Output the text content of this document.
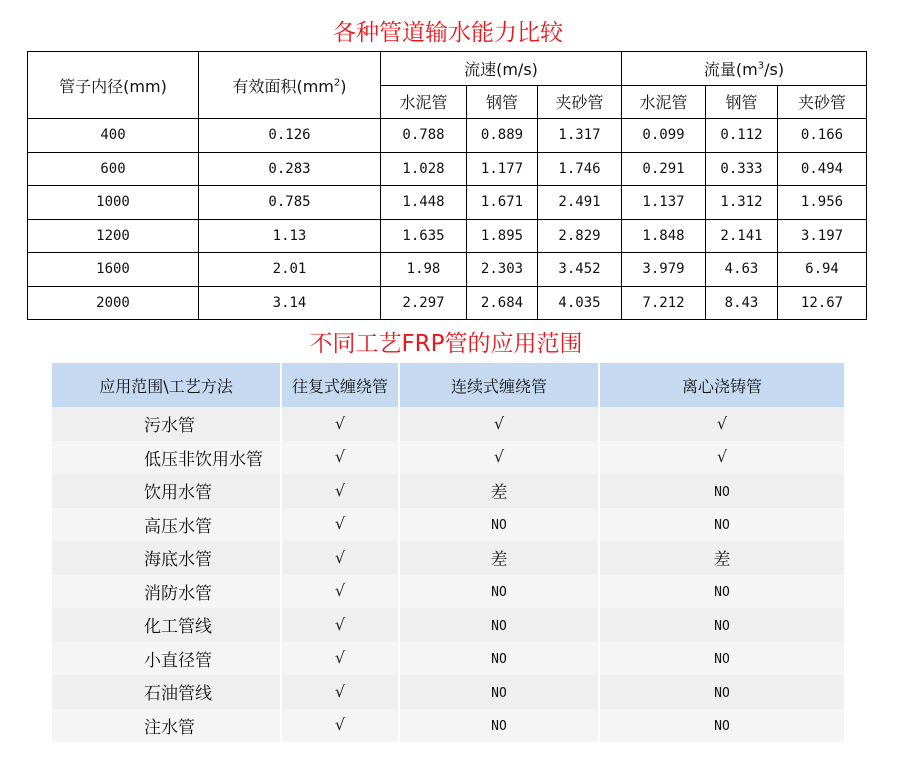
各种管道输水能力比较
管子内径(mm)	有效面积$(mm^2)$	流速(m/s)			流量$(m^3/s)$		
		水泥管	钢管	夹砂管	水泥管	钢管	夹砂管
400	0.126	0.788	0.889	1.317	0.099	0.112	0.166
600	0.283	1.028	1.177	1.746	0.291	0.333	0.494
1000	0.785	1.448	1.671	2.491	1.137	1.312	1.956
1200	1.13	1.635	1.895	2.829	1.848	2.141	3.197
1600	2.01	1.98	2.303	3.452	3.979	4.63	6.94
2000	3.14	2.297	2.684	4.035	7.212	8.43	12.67
不同工艺FRP管的应用范围
应用范围\工艺方法	往复式缠绕管	连续式缠绕管	离心浇铸管
污水管	√	√	√
低压非饮用水管	√	√	√
饮用水管	√	差	NO
高压水管	√	NO	NO
海底水管	√	差	差
消防水管	√	NO	NO
化工管线	√	NO	NO
小直径管	√	NO	NO
石油管线	√	NO	NO
注水管	√	NO	NO
